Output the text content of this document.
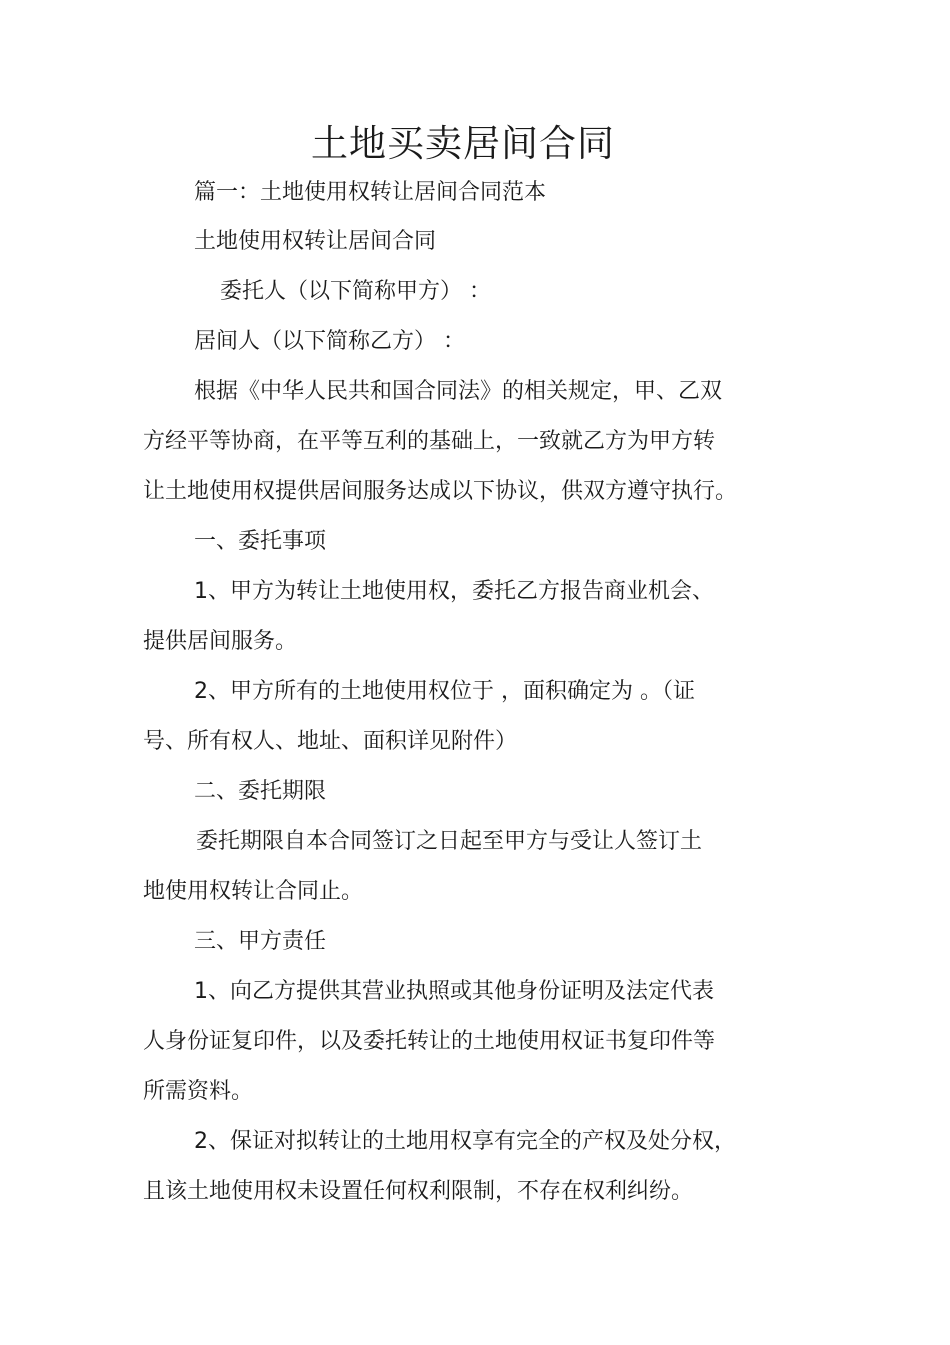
土地买卖居间合同
篇一：土地使用权转让居间合同范本
土地使用权转让居间合同
委托人（以下简称甲方） ：
居间人（以下简称乙方） ：
根据《中华人民共和国合同法》的相关规定，甲、乙双
方经平等协商，在平等互利的基础上，一致就乙方为甲方转
让土地使用权提供居间服务达成以下协议，供双方遵守执行。
一、委托事项
1、甲方为转让土地使用权，委托乙方报告商业机会、
提供居间服务。
2、甲方所有的土地使用权位于 ，面积确定为 。（证
号、所有权人、地址、面积详见附件）
二、委托期限
委托期限自本合同签订之日起至甲方与受让人签订土
地使用权转让合同止。
三、甲方责任
1、向乙方提供其营业执照或其他身份证明及法定代表
人身份证复印件，以及委托转让的土地使用权证书复印件等
所需资料。
2、保证对拟转让的土地用权享有完全的产权及处分权，
且该土地使用权未设置任何权利限制，不存在权利纠纷。
